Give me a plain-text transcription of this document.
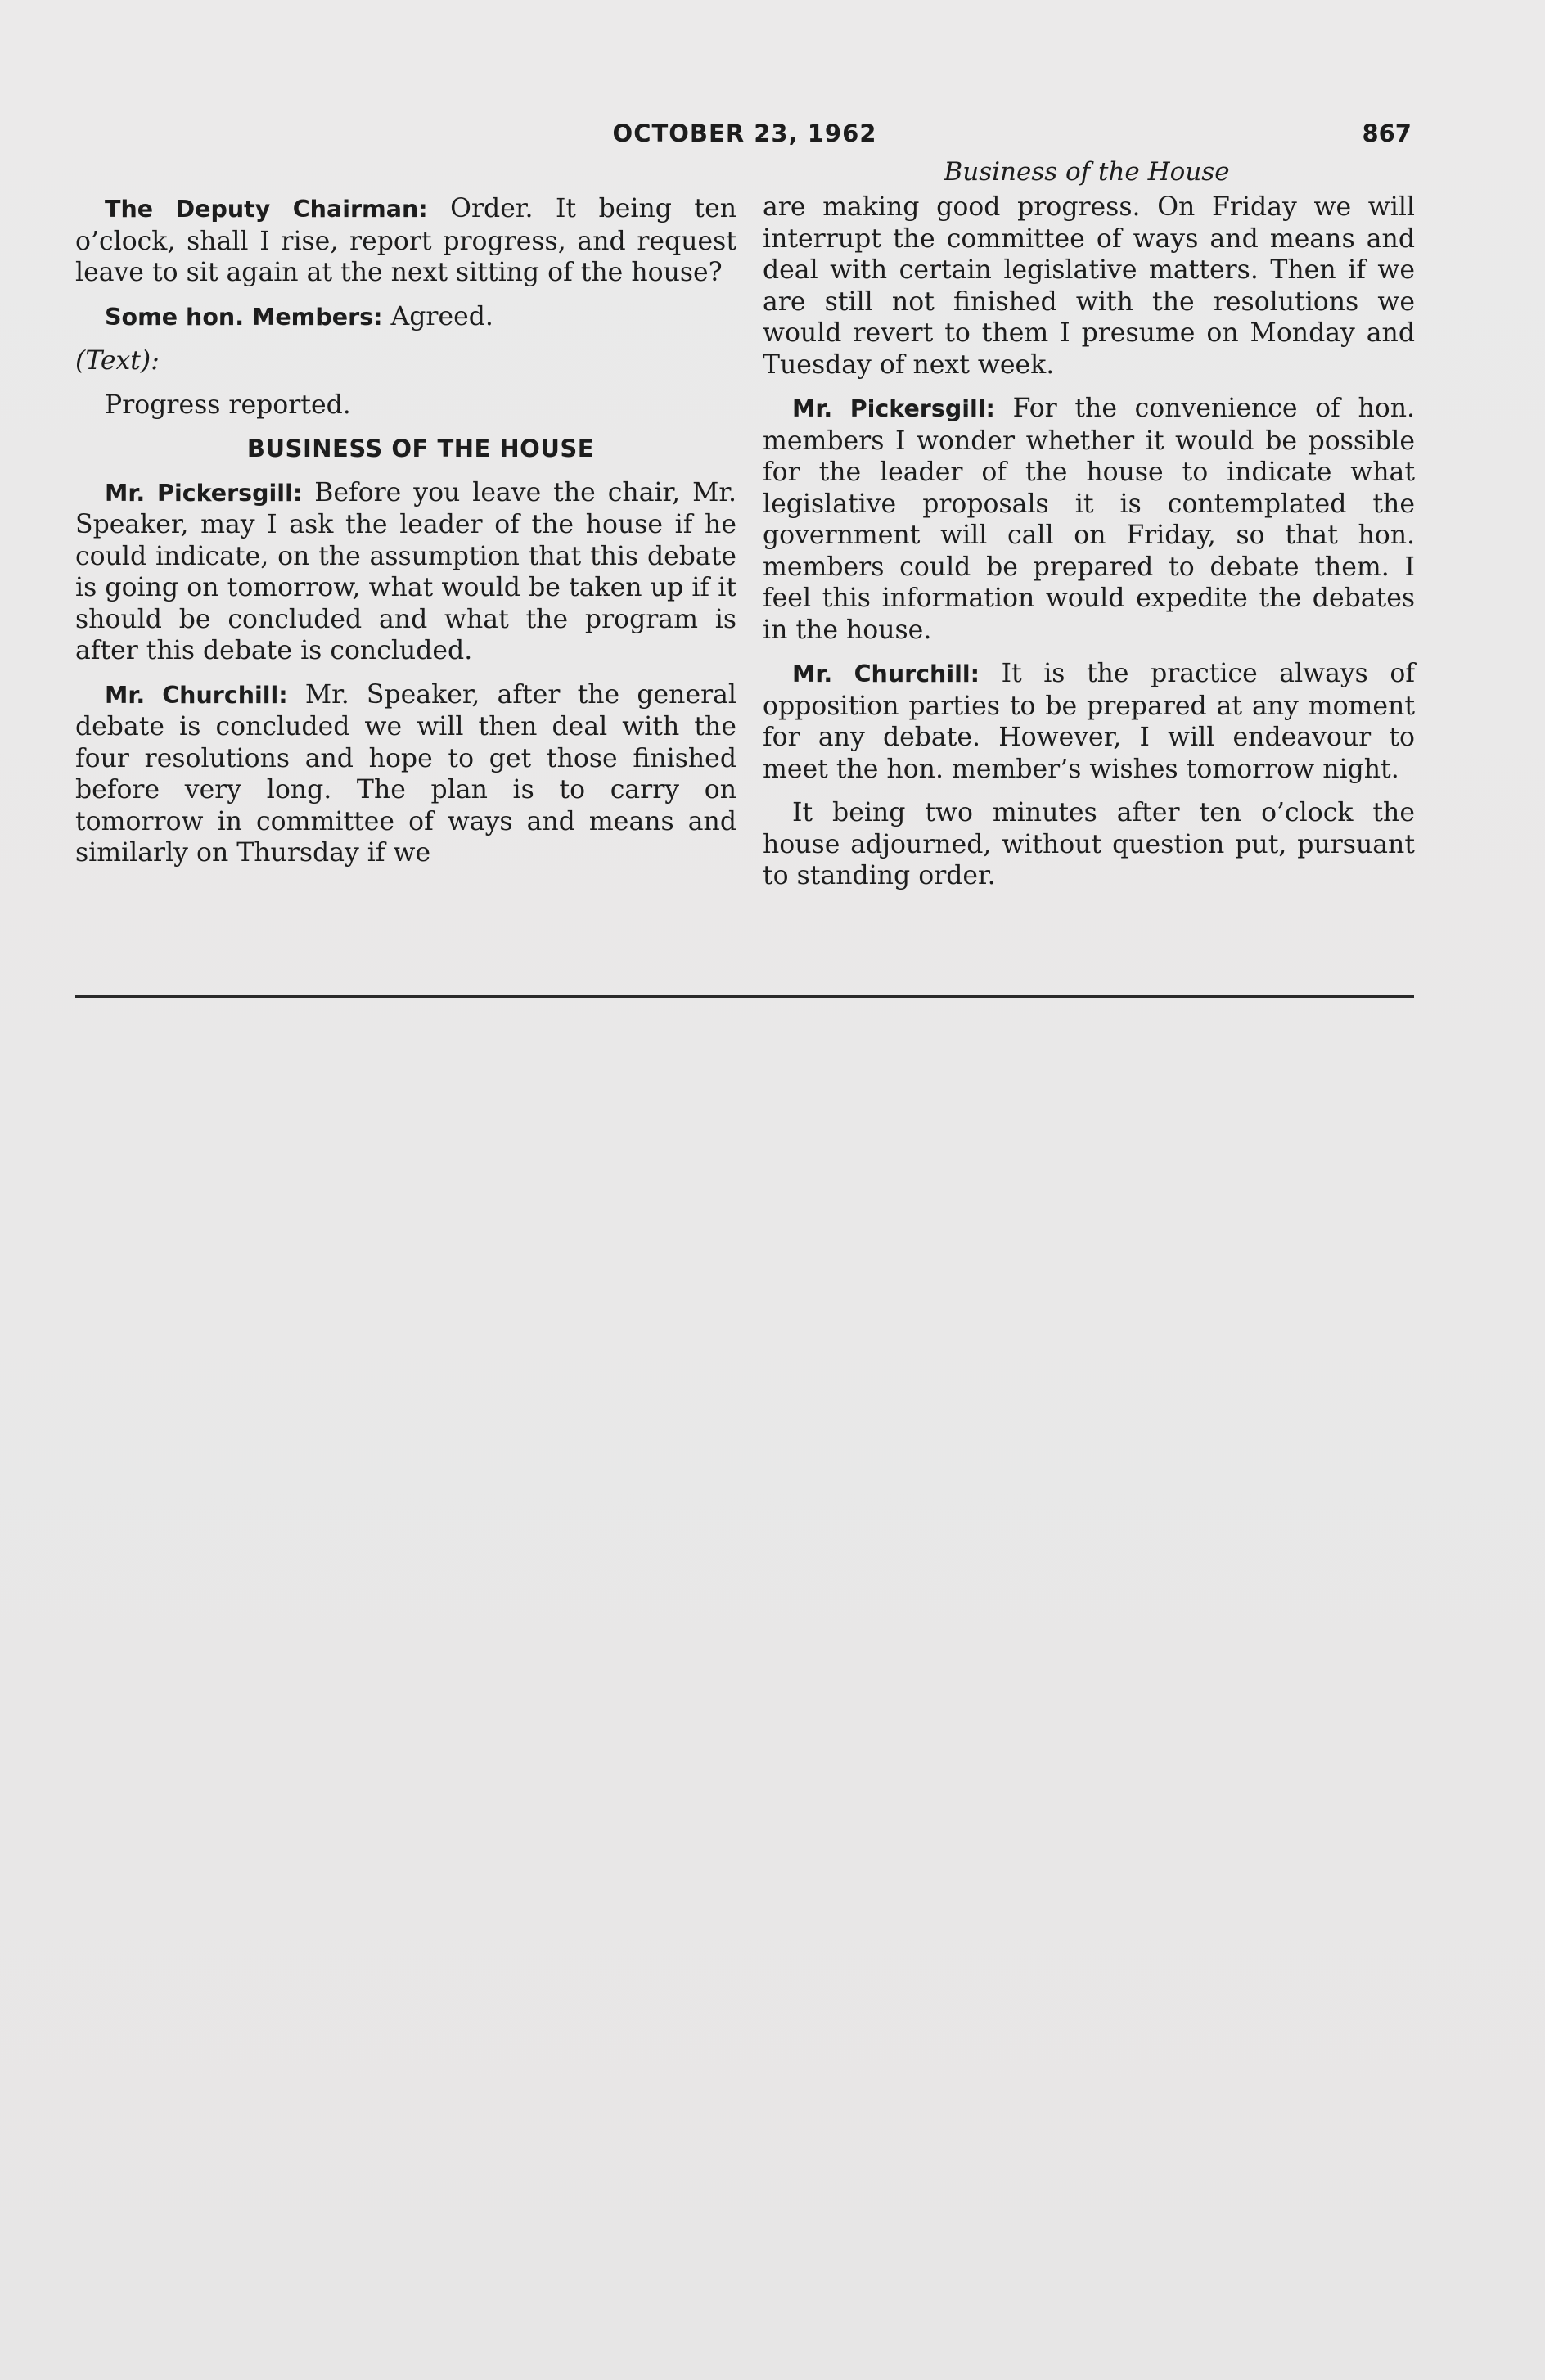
OCTOBER 23, 1962	867
Business of the House

The Deputy Chairman: Order. It being ten o’clock, shall I rise, report progress, and request leave to sit again at the next sitting of the house?

Some hon. Members: Agreed.

(Text):

Progress reported.

BUSINESS OF THE HOUSE

Mr. Pickersgill: Before you leave the chair, Mr. Speaker, may I ask the leader of the house if he could indicate, on the assumption that this debate is going on tomorrow, what would be taken up if it should be concluded and what the program is after this debate is concluded.

Mr. Churchill: Mr. Speaker, after the general debate is concluded we will then deal with the four resolutions and hope to get those finished before very long. The plan is to carry on tomorrow in committee of ways and means and similarly on Thursday if we

are making good progress. On Friday we will interrupt the committee of ways and means and deal with certain legislative matters. Then if we are still not finished with the resolutions we would revert to them I presume on Monday and Tuesday of next week.

Mr. Pickersgill: For the convenience of hon. members I wonder whether it would be possible for the leader of the house to indicate what legislative proposals it is contemplated the government will call on Friday, so that hon. members could be prepared to debate them. I feel this information would expedite the debates in the house.

Mr. Churchill: It is the practice always of opposition parties to be prepared at any moment for any debate. However, I will endeavour to meet the hon. member’s wishes tomorrow night.

It being two minutes after ten o’clock the house adjourned, without question put, pursuant to standing order.
